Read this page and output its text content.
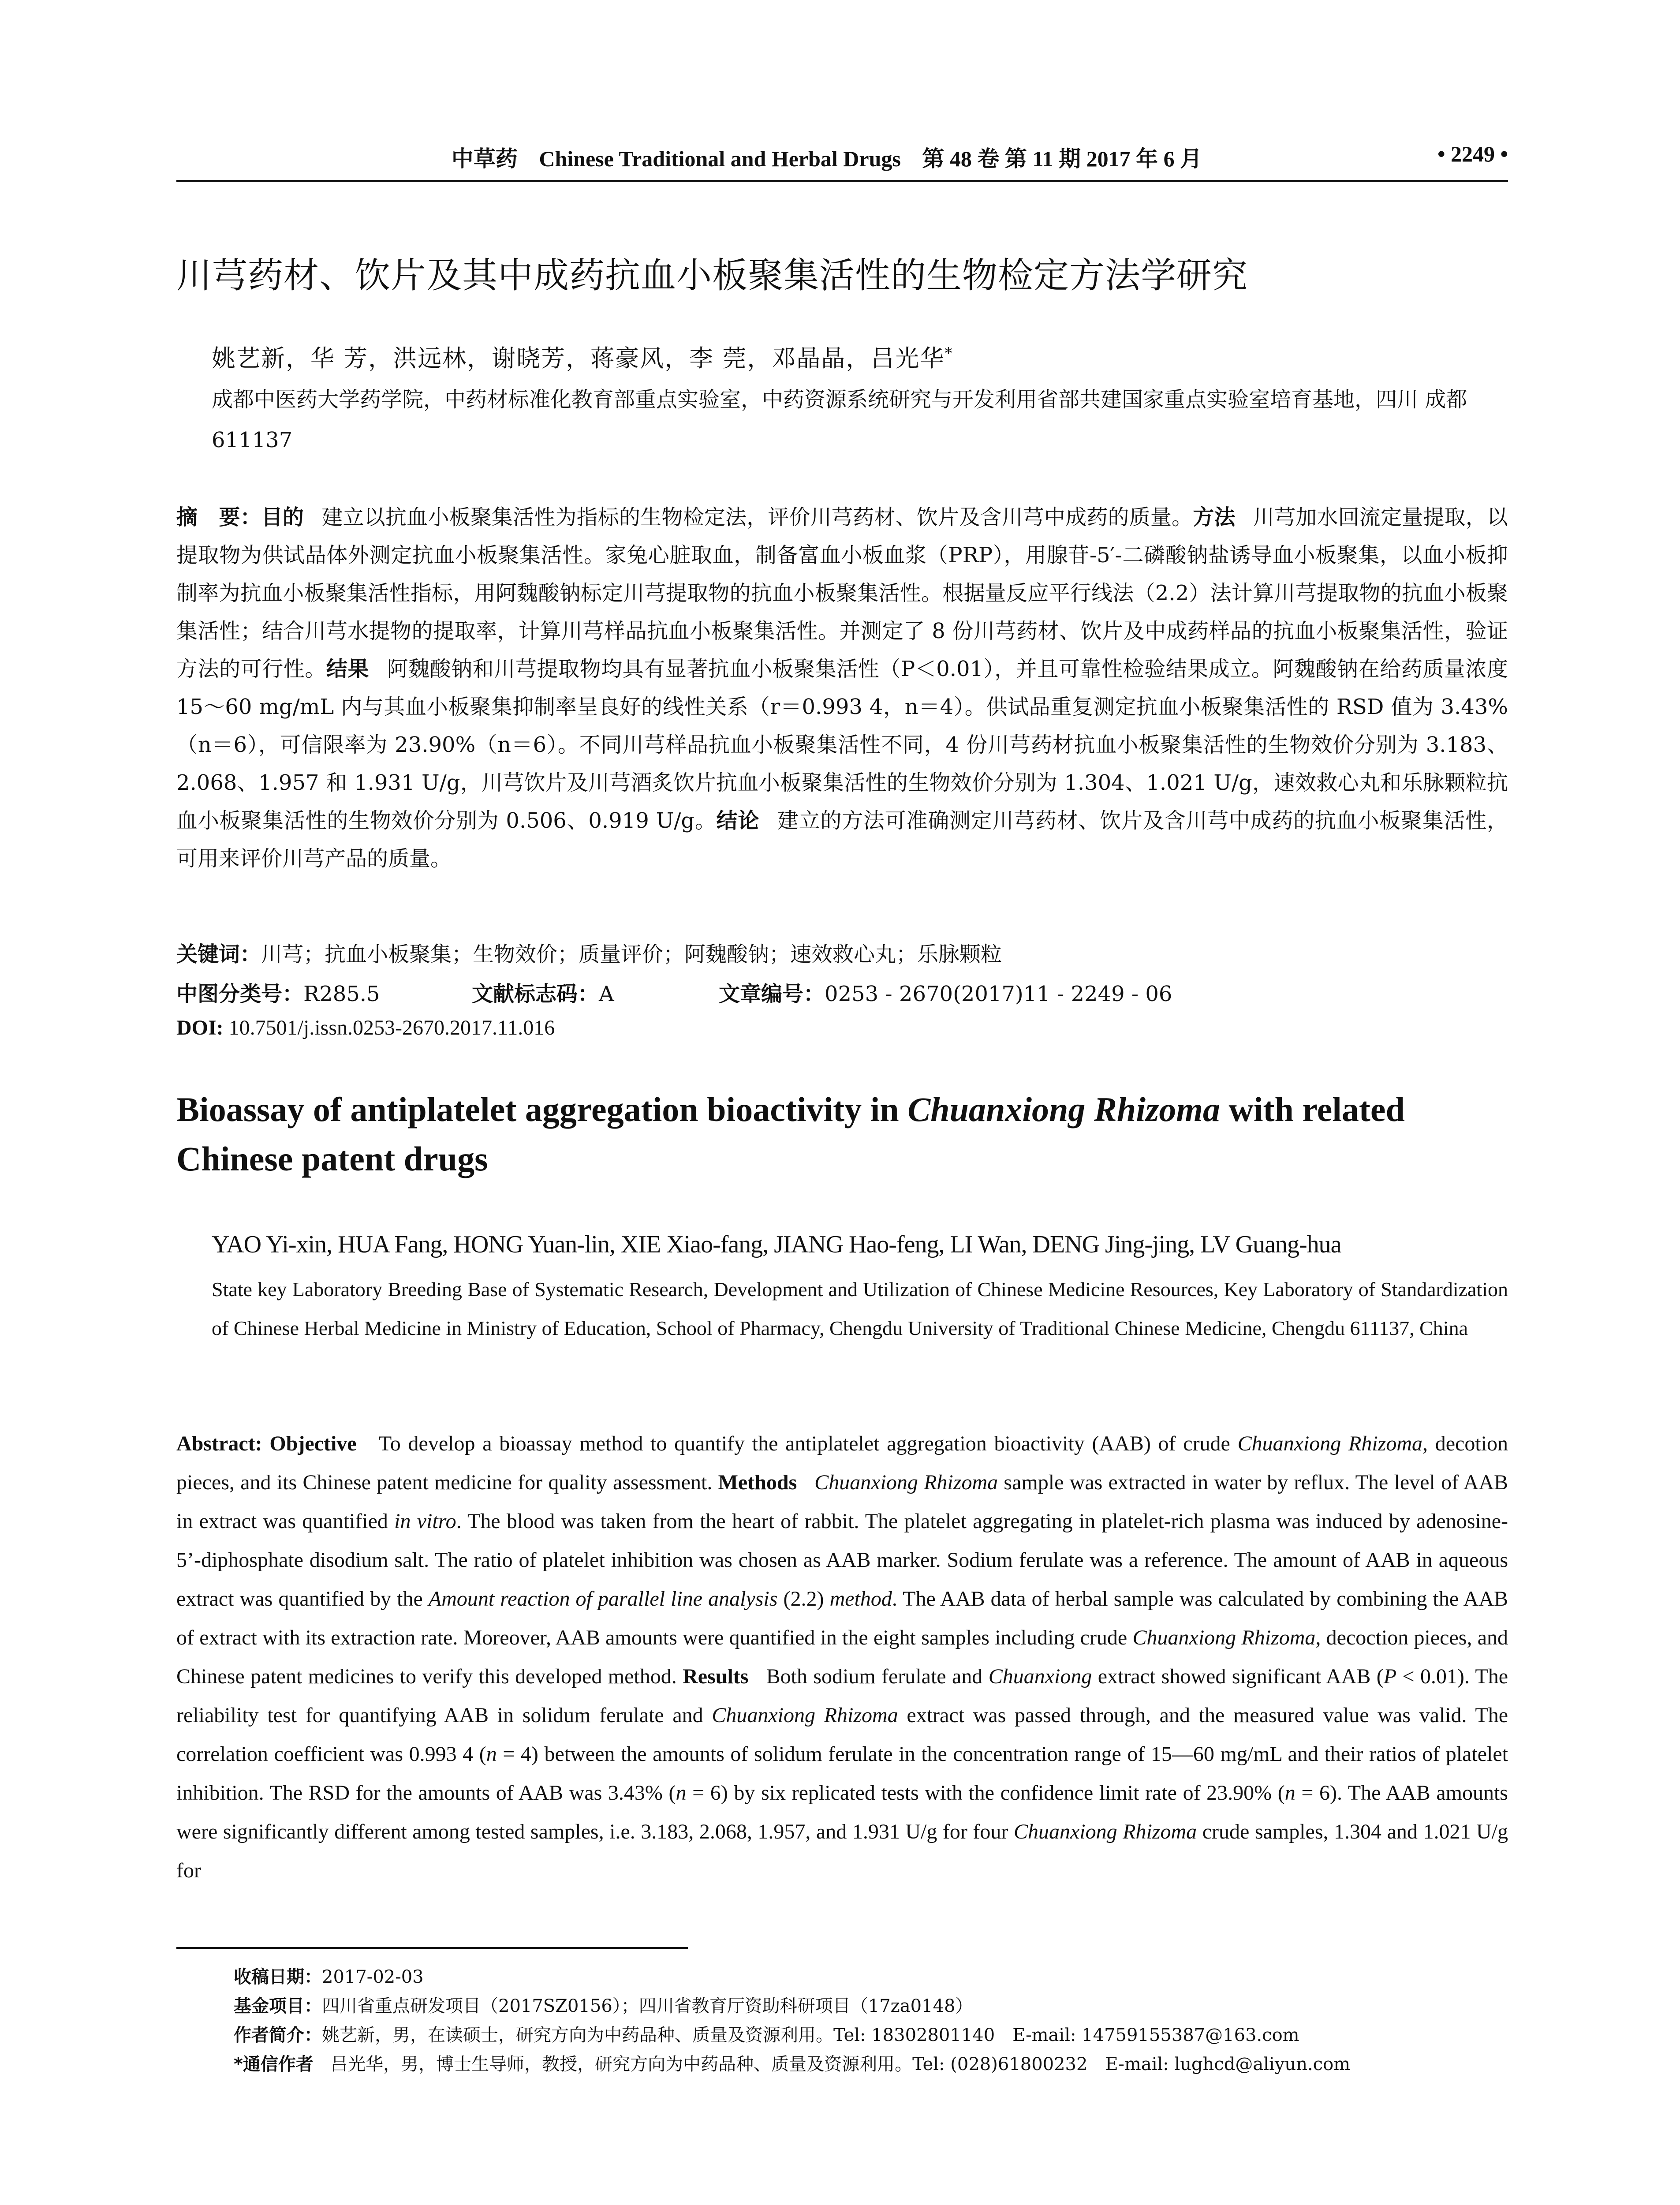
中草药 Chinese Traditional and Herbal Drugs 第 48 卷 第 11 期 2017 年 6 月	• 2249 •
川芎药材、饮片及其中成药抗血小板聚集活性的生物检定方法学研究
姚艺新，华 芳，洪远林，谢晓芳，蒋豪风，李 莞，邓晶晶，吕光华*
成都中医药大学药学院，中药材标准化教育部重点实验室，中药资源系统研究与开发利用省部共建国家重点实验室培育基地，四川 成都 611137
摘　要：目的 建立以抗血小板聚集活性为指标的生物检定法，评价川芎药材、饮片及含川芎中成药的质量。方法 川芎加水回流定量提取，以提取物为供试品体外测定抗血小板聚集活性。家兔心脏取血，制备富血小板血浆（PRP），用腺苷-5′-二磷酸钠盐诱导血小板聚集，以血小板抑制率为抗血小板聚集活性指标，用阿魏酸钠标定川芎提取物的抗血小板聚集活性。根据量反应平行线法（2.2）法计算川芎提取物的抗血小板聚集活性；结合川芎水提物的提取率，计算川芎样品抗血小板聚集活性。并测定了 8 份川芎药材、饮片及中成药样品的抗血小板聚集活性，验证方法的可行性。结果 阿魏酸钠和川芎提取物均具有显著抗血小板聚集活性（P＜0.01），并且可靠性检验结果成立。阿魏酸钠在给药质量浓度 15～60 mg/mL 内与其血小板聚集抑制率呈良好的线性关系（r＝0.993 4，n＝4）。供试品重复测定抗血小板聚集活性的 RSD 值为 3.43%（n＝6），可信限率为 23.90%（n＝6）。不同川芎样品抗血小板聚集活性不同，4 份川芎药材抗血小板聚集活性的生物效价分别为 3.183、2.068、1.957 和 1.931 U/g，川芎饮片及川芎酒炙饮片抗血小板聚集活性的生物效价分别为 1.304、1.021 U/g，速效救心丸和乐脉颗粒抗血小板聚集活性的生物效价分别为 0.506、0.919 U/g。结论 建立的方法可准确测定川芎药材、饮片及含川芎中成药的抗血小板聚集活性，可用来评价川芎产品的质量。
关键词：川芎；抗血小板聚集；生物效价；质量评价；阿魏酸钠；速效救心丸；乐脉颗粒
中图分类号：R285.5	文献标志码：A	文章编号：0253 - 2670(2017)11 - 2249 - 06
DOI: 10.7501/j.issn.0253-2670.2017.11.016
Bioassay of antiplatelet aggregation bioactivity in Chuanxiong Rhizoma with related Chinese patent drugs
YAO Yi-xin, HUA Fang, HONG Yuan-lin, XIE Xiao-fang, JIANG Hao-feng, LI Wan, DENG Jing-jing, LV Guang-hua
State key Laboratory Breeding Base of Systematic Research, Development and Utilization of Chinese Medicine Resources, Key Laboratory of Standardization of Chinese Herbal Medicine in Ministry of Education, School of Pharmacy, Chengdu University of Traditional Chinese Medicine, Chengdu 611137, China
Abstract: Objective To develop a bioassay method to quantify the antiplatelet aggregation bioactivity (AAB) of crude Chuanxiong Rhizoma, decotion pieces, and its Chinese patent medicine for quality assessment. Methods Chuanxiong Rhizoma sample was extracted in water by reflux. The level of AAB in extract was quantified in vitro. The blood was taken from the heart of rabbit. The platelet aggregating in platelet-rich plasma was induced by adenosine-5’-diphosphate disodium salt. The ratio of platelet inhibition was chosen as AAB marker. Sodium ferulate was a reference. The amount of AAB in aqueous extract was quantified by the Amount reaction of parallel line analysis (2.2) method. The AAB data of herbal sample was calculated by combining the AAB of extract with its extraction rate. Moreover, AAB amounts were quantified in the eight samples including crude Chuanxiong Rhizoma, decoction pieces, and Chinese patent medicines to verify this developed method. Results Both sodium ferulate and Chuanxiong extract showed significant AAB (P < 0.01). The reliability test for quantifying AAB in solidum ferulate and Chuanxiong Rhizoma extract was passed through, and the measured value was valid. The correlation coefficient was 0.993 4 (n = 4) between the amounts of solidum ferulate in the concentration range of 15—60 mg/mL and their ratios of platelet inhibition. The RSD for the amounts of AAB was 3.43% (n = 6) by six replicated tests with the confidence limit rate of 23.90% (n = 6). The AAB amounts were significantly different among tested samples, i.e. 3.183, 2.068, 1.957, and 1.931 U/g for four Chuanxiong Rhizoma crude samples, 1.304 and 1.021 U/g for
收稿日期：2017-02-03
基金项目：四川省重点研发项目（2017SZ0156）；四川省教育厅资助科研项目（17za0148）
作者简介：姚艺新，男，在读硕士，研究方向为中药品种、质量及资源利用。Tel: 18302801140　E-mail: 14759155387@163.com
*通信作者 吕光华，男，博士生导师，教授，研究方向为中药品种、质量及资源利用。Tel: (028)61800232　E-mail: lughcd@aliyun.com
